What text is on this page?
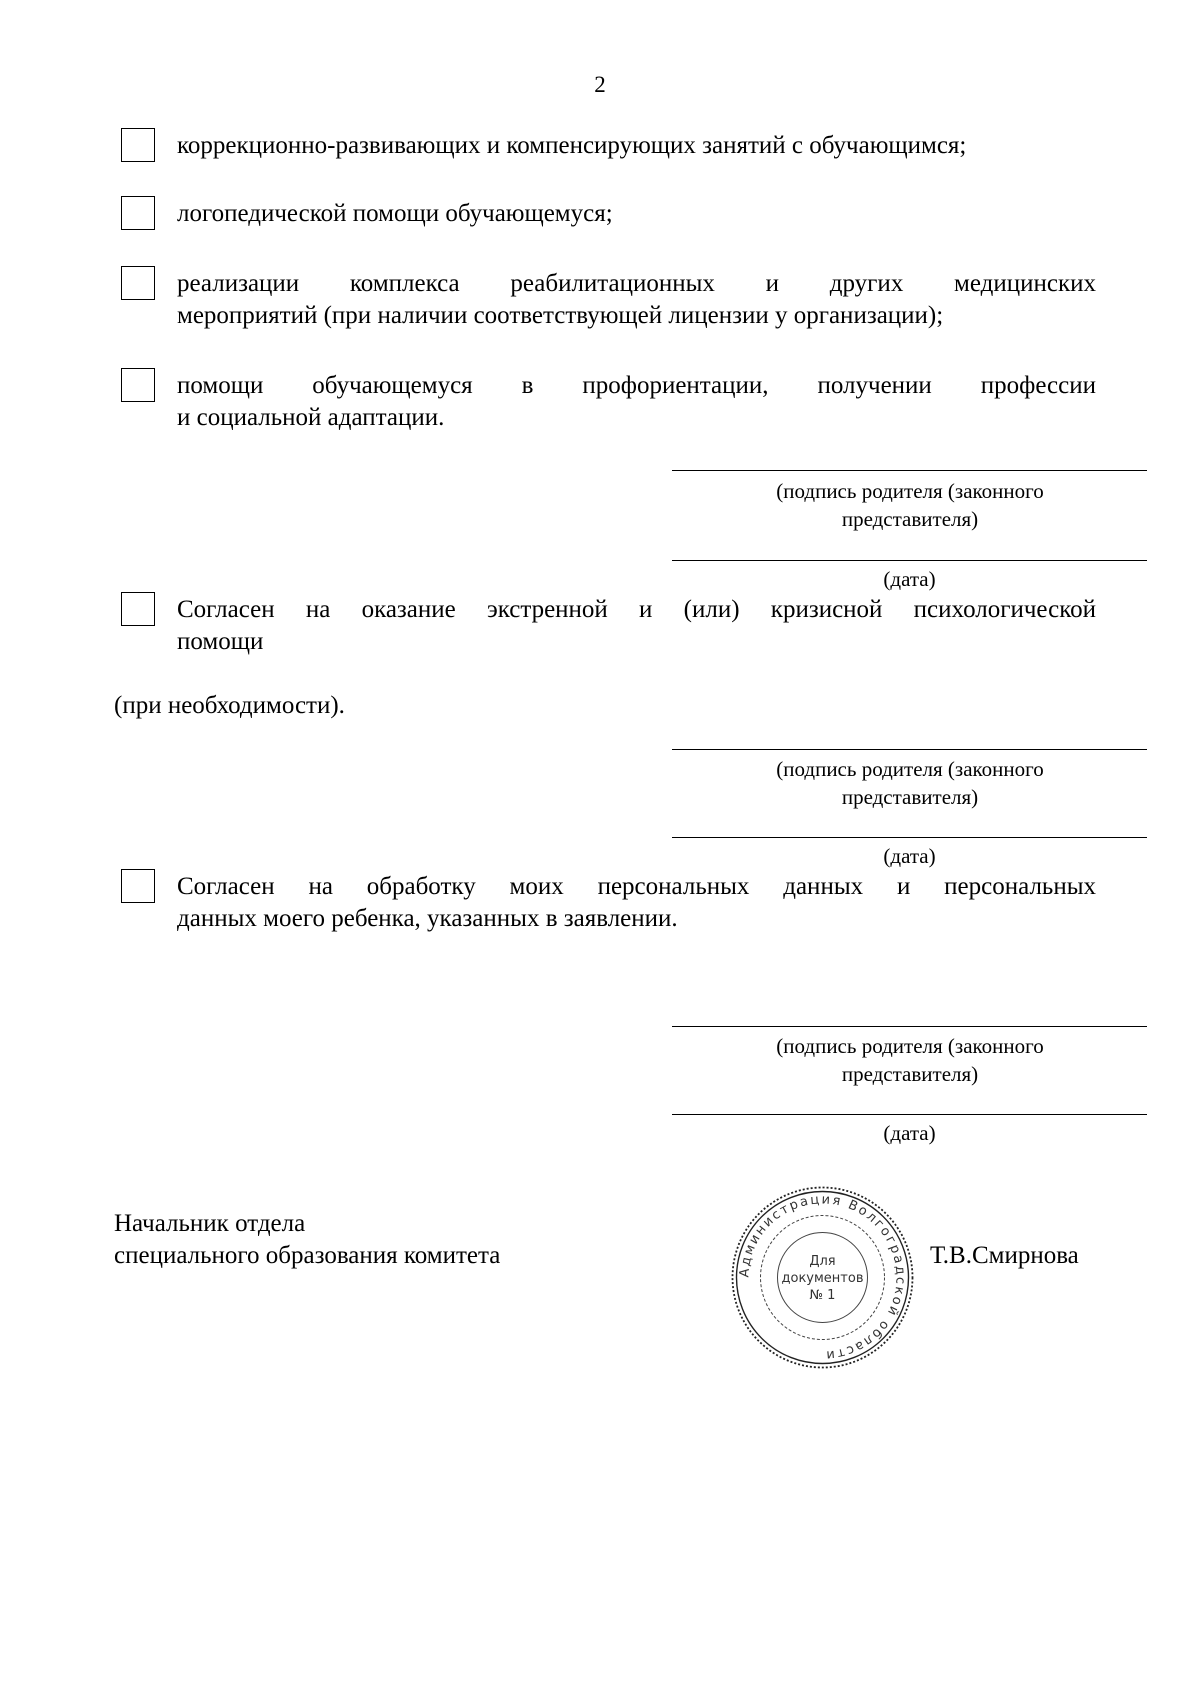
2
коррекционно-развивающих и компенсирующих занятий с обучающимся;
логопедической помощи обучающемуся;
реализации комплекса реабилитационных и других медицинских
мероприятий (при наличии соответствующей лицензии у организации);
помощи обучающемуся в профориентации, получении профессии
и социальной адаптации.
(подпись родителя (законного представителя)
(дата)
Согласен на оказание экстренной и (или) кризисной психологической
помощи
(при необходимости).
(подпись родителя (законного представителя)
(дата)
Согласен на обработку моих персональных данных и персональных
данных моего ребенка, указанных в заявлении.
(подпись родителя (законного представителя)
(дата)
Начальник отдела
специального образования комитета	Т.В.Смирнова
Администрация Волгоградской области
Для
документов
№ 1
